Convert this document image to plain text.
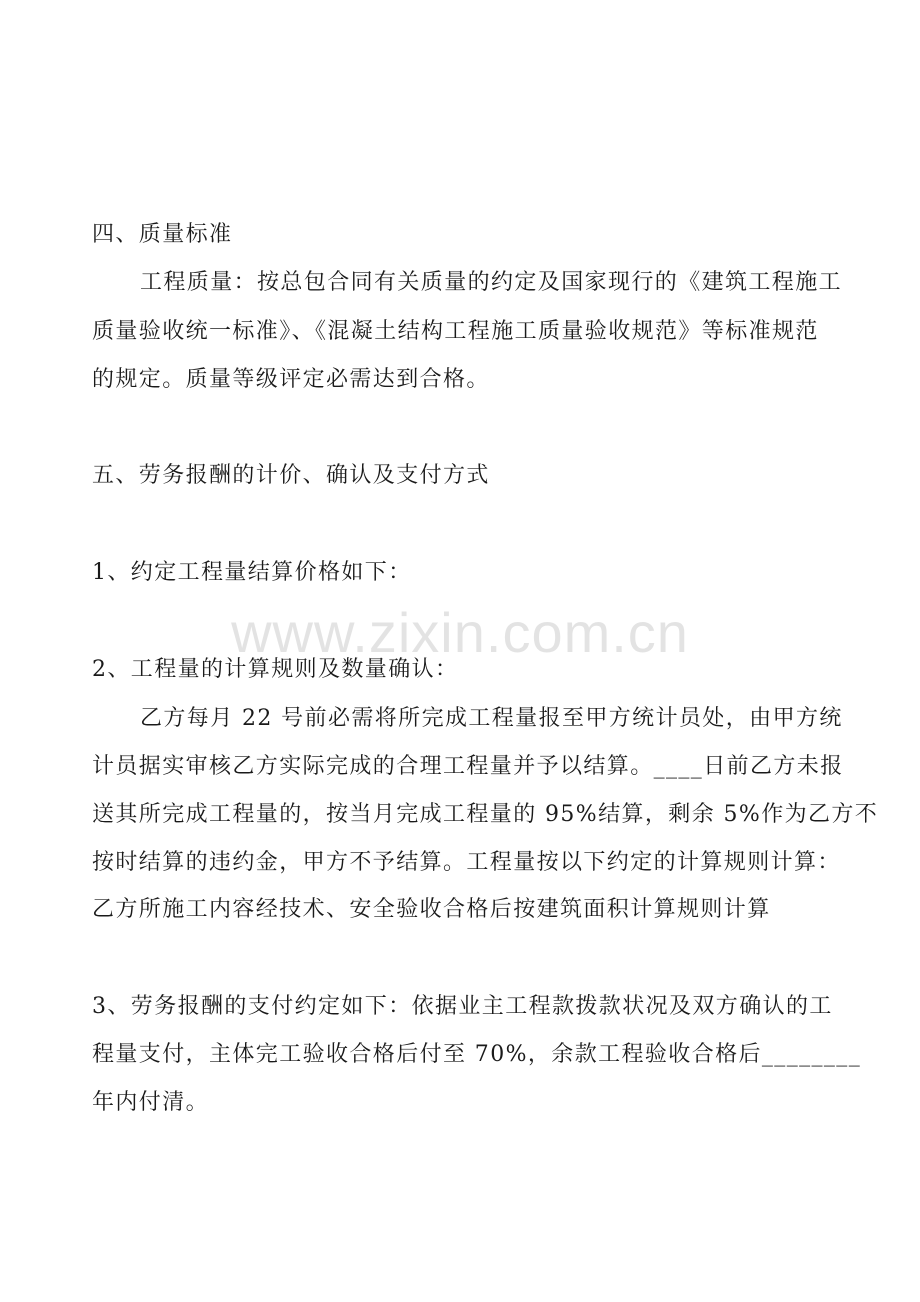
www.zixin.com.cn
四、质量标准
工程质量：按总包合同有关质量的约定及国家现行的《建筑工程施工
质量验收统一标准》、《混凝土结构工程施工质量验收规范》等标准规范
的规定。质量等级评定必需达到合格。
五、劳务报酬的计价、确认及支付方式
1、约定工程量结算价格如下：
2、工程量的计算规则及数量确认：
乙方每月 22 号前必需将所完成工程量报至甲方统计员处，由甲方统
计员据实审核乙方实际完成的合理工程量并予以结算。____日前乙方未报
送其所完成工程量的，按当月完成工程量的 95%结算，剩余 5%作为乙方不
按时结算的违约金，甲方不予结算。工程量按以下约定的计算规则计算：
乙方所施工内容经技术、安全验收合格后按建筑面积计算规则计算
3、劳务报酬的支付约定如下：依据业主工程款拨款状况及双方确认的工
程量支付，主体完工验收合格后付至 70%，余款工程验收合格后________
年内付清。
